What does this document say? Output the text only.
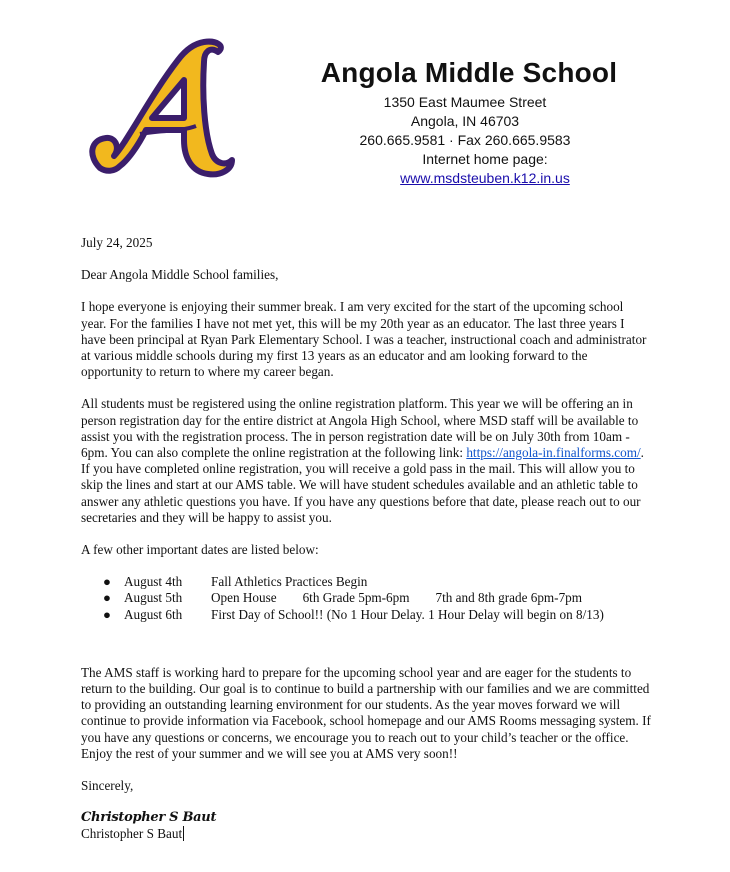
Angola Middle School
1350 East Maumee Street
Angola, IN 46703
260.665.9581 · Fax 260.665.9583
Internet home page: www.msdsteuben.k12.in.us

July 24, 2025

Dear Angola Middle School families,

I hope everyone is enjoying their summer break. I am very excited for the start of the upcoming school year. For the families I have not met yet, this will be my 20th year as an educator. The last three years I have been principal at Ryan Park Elementary School. I was a teacher, instructional coach and administrator at various middle schools during my first 13 years as an educator and am looking forward to the opportunity to return to where my career began.

All students must be registered using the online registration platform. This year we will be offering an in person registration day for the entire district at Angola High School, where MSD staff will be available to assist you with the registration process. The in person registration date will be on July 30th from 10am - 6pm. You can also complete the online registration at the following link: https://angola-in.finalforms.com/. If you have completed online registration, you will receive a gold pass in the mail. This will allow you to skip the lines and start at our AMS table. We will have student schedules available and an athletic table to answer any athletic questions you have. If you have any questions before that date, please reach out to our secretaries and they will be happy to assist you.

A few other important dates are listed below:

● August 4th Fall Athletics Practices Begin
● August 5th Open House 6th Grade 5pm-6pm 7th and 8th grade 6pm-7pm
● August 6th First Day of School!! (No 1 Hour Delay. 1 Hour Delay will begin on 8/13)

The AMS staff is working hard to prepare for the upcoming school year and are eager for the students to return to the building. Our goal is to continue to build a partnership with our families and we are committed to providing an outstanding learning environment for our students. As the year moves forward we will continue to provide information via Facebook, school homepage and our AMS Rooms messaging system. If you have any questions or concerns, we encourage you to reach out to your child’s teacher or the office.

Enjoy the rest of your summer and we will see you at AMS very soon!!

Sincerely,

Christopher S Baut

Christopher S Baut
